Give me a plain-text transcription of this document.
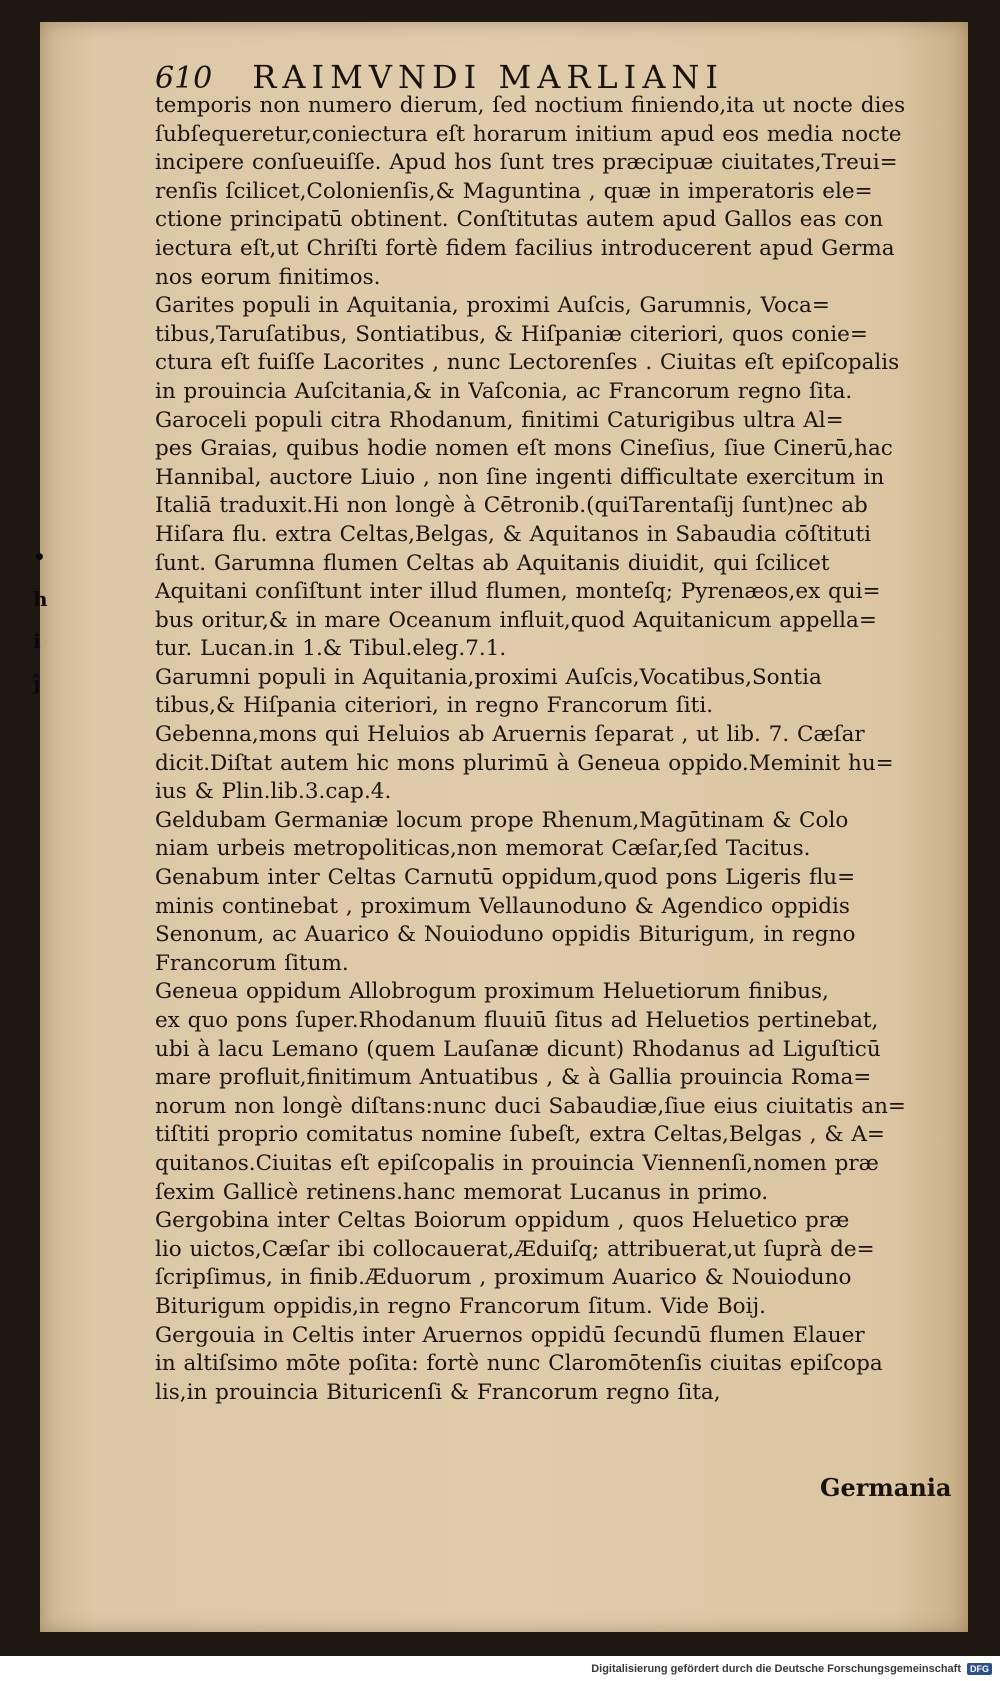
•
h
i
ĵ
610 RAIMVNDI MARLIANI
temporis non numero dierum, ſed noctium finiendo,ita ut nocte dies
ſubſequeretur,coniectura eſt horarum initium apud eos media nocte
incipere conſueuiſſe. Apud hos ſunt tres præcipuæ ciuitates,Treui=
renſis ſcilicet,Colonienſis,& Maguntina , quæ in imperatoris ele=
ctione principatū obtinent. Conſtitutas autem apud Gallos eas con
iectura eſt,ut Chriſti fortè fidem facilius introducerent apud Germa
nos eorum finitimos.
Garites populi in Aquitania, proximi Auſcis, Garumnis, Voca=
tibus,Taruſatibus, Sontiatibus, & Hiſpaniæ citeriori, quos conie=
ctura eſt fuiſſe Lacorites , nunc Lectorenſes . Ciuitas eſt epiſcopalis
in prouincia Auſcitania,& in Vaſconia, ac Francorum regno ſita.
Garoceli populi citra Rhodanum, finitimi Caturigibus ultra Al=
pes Graias, quibus hodie nomen eſt mons Cineſius, ſiue Cinerū,hac
Hannibal, auctore Liuio , non ſine ingenti difficultate exercitum in
Italiā traduxit.Hi non longè à Cētronib.(quiTarentaſij ſunt)nec ab
Hiſara flu. extra Celtas,Belgas, & Aquitanos in Sabaudia cōſtituti
ſunt. Garumna flumen Celtas ab Aquitanis diuidit, qui ſcilicet
Aquitani conſiſtunt inter illud flumen, monteſq; Pyrenæos,ex qui=
bus oritur,& in mare Oceanum influit,quod Aquitanicum appella=
tur. Lucan.in 1.& Tibul.eleg.7.1.
Garumni populi in Aquitania,proximi Auſcis,Vocatibus,Sontia
tibus,& Hiſpania citeriori, in regno Francorum ſiti.
Gebenna,mons qui Heluios ab Aruernis ſeparat , ut lib. 7. Cæſar
dicit.Diſtat autem hic mons plurimū à Geneua oppido.Meminit hu=
ius & Plin.lib.3.cap.4.
Geldubam Germaniæ locum prope Rhenum,Magūtinam & Colo
niam urbeis metropoliticas,non memorat Cæſar,ſed Tacitus.
Genabum inter Celtas Carnutū oppidum,quod pons Ligeris flu=
minis continebat , proximum Vellaunoduno & Agendico oppidis
Senonum, ac Auarico & Nouioduno oppidis Biturigum, in regno
Francorum ſitum.
Geneua oppidum Allobrogum proximum Heluetiorum finibus,
ex quo pons ſuper.Rhodanum fluuiū ſitus ad Heluetios pertinebat,
ubi à lacu Lemano (quem Lauſanæ dicunt) Rhodanus ad Liguſticū
mare profluit,finitimum Antuatibus , & à Gallia prouincia Roma=
norum non longè diſtans:nunc duci Sabaudiæ,ſiue eius ciuitatis an=
tiſtiti proprio comitatus nomine ſubeſt, extra Celtas,Belgas , & A=
quitanos.Ciuitas eſt epiſcopalis in prouincia Viennenſi,nomen præ
ſexim Gallicè retinens.hanc memorat Lucanus in primo.
Gergobina inter Celtas Boiorum oppidum , quos Heluetico præ
lio uictos,Cæſar ibi collocauerat,Æduiſq; attribuerat,ut ſuprà de=
ſcripſimus, in finib.Æduorum , proximum Auarico & Nouioduno
Biturigum oppidis,in regno Francorum ſitum. Vide Boij.
Gergouia in Celtis inter Aruernos oppidū ſecundū flumen Elauer
in altiſsimo mōte poſita: fortè nunc Claromōtenſis ciuitas epiſcopa
lis,in prouincia Bituricenſi & Francorum regno ſita,
Germania
Digitalisierung gefördert durch die Deutsche Forschungsgemeinschaft	DFG
